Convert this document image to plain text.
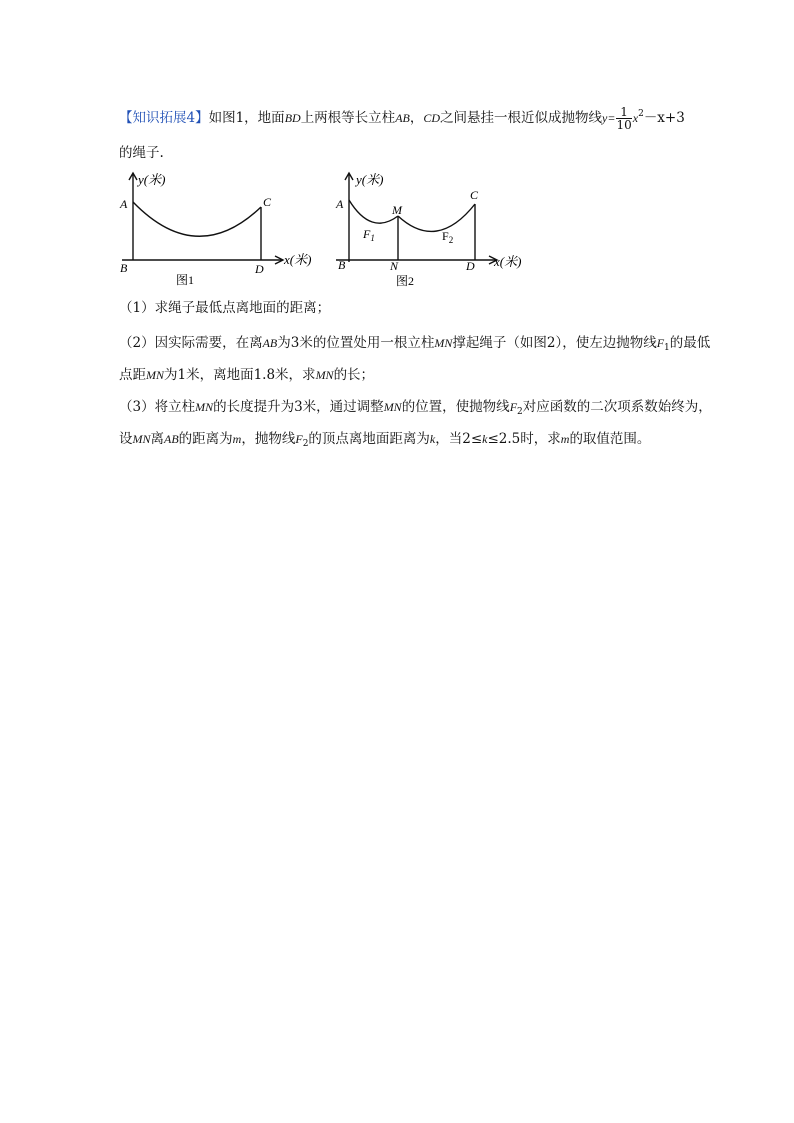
【知识拓展4】如图1，地面BD上两根等长立柱AB，CD之间悬挂一根近似成抛物线$y= \frac{1}{10} x^2-x+3$
的绳子.
y(米)
A
B
C
D
x(米)
图1
y(米)
A
B
M
C
$F_1$	$F_2$
N	D x(米)
图2
（1）求绳子最低点离地面的距离；
（2）因实际需要，在离AB为3米的位置处用一根立柱MN撑起绳子（如图2），使左边抛物线$F_1$的最低点距MN为1米，离地面1.8米，求MN的长；
（3）将立柱MN的长度提升为3米，通过调整MN的位置，使抛物线$F_2$对应函数的二次项系数始终为，设MN离AB的距离为m，抛物线$F_2$的顶点离地面距离为k，当2≤k≤2.5时，求m的取值范围。
